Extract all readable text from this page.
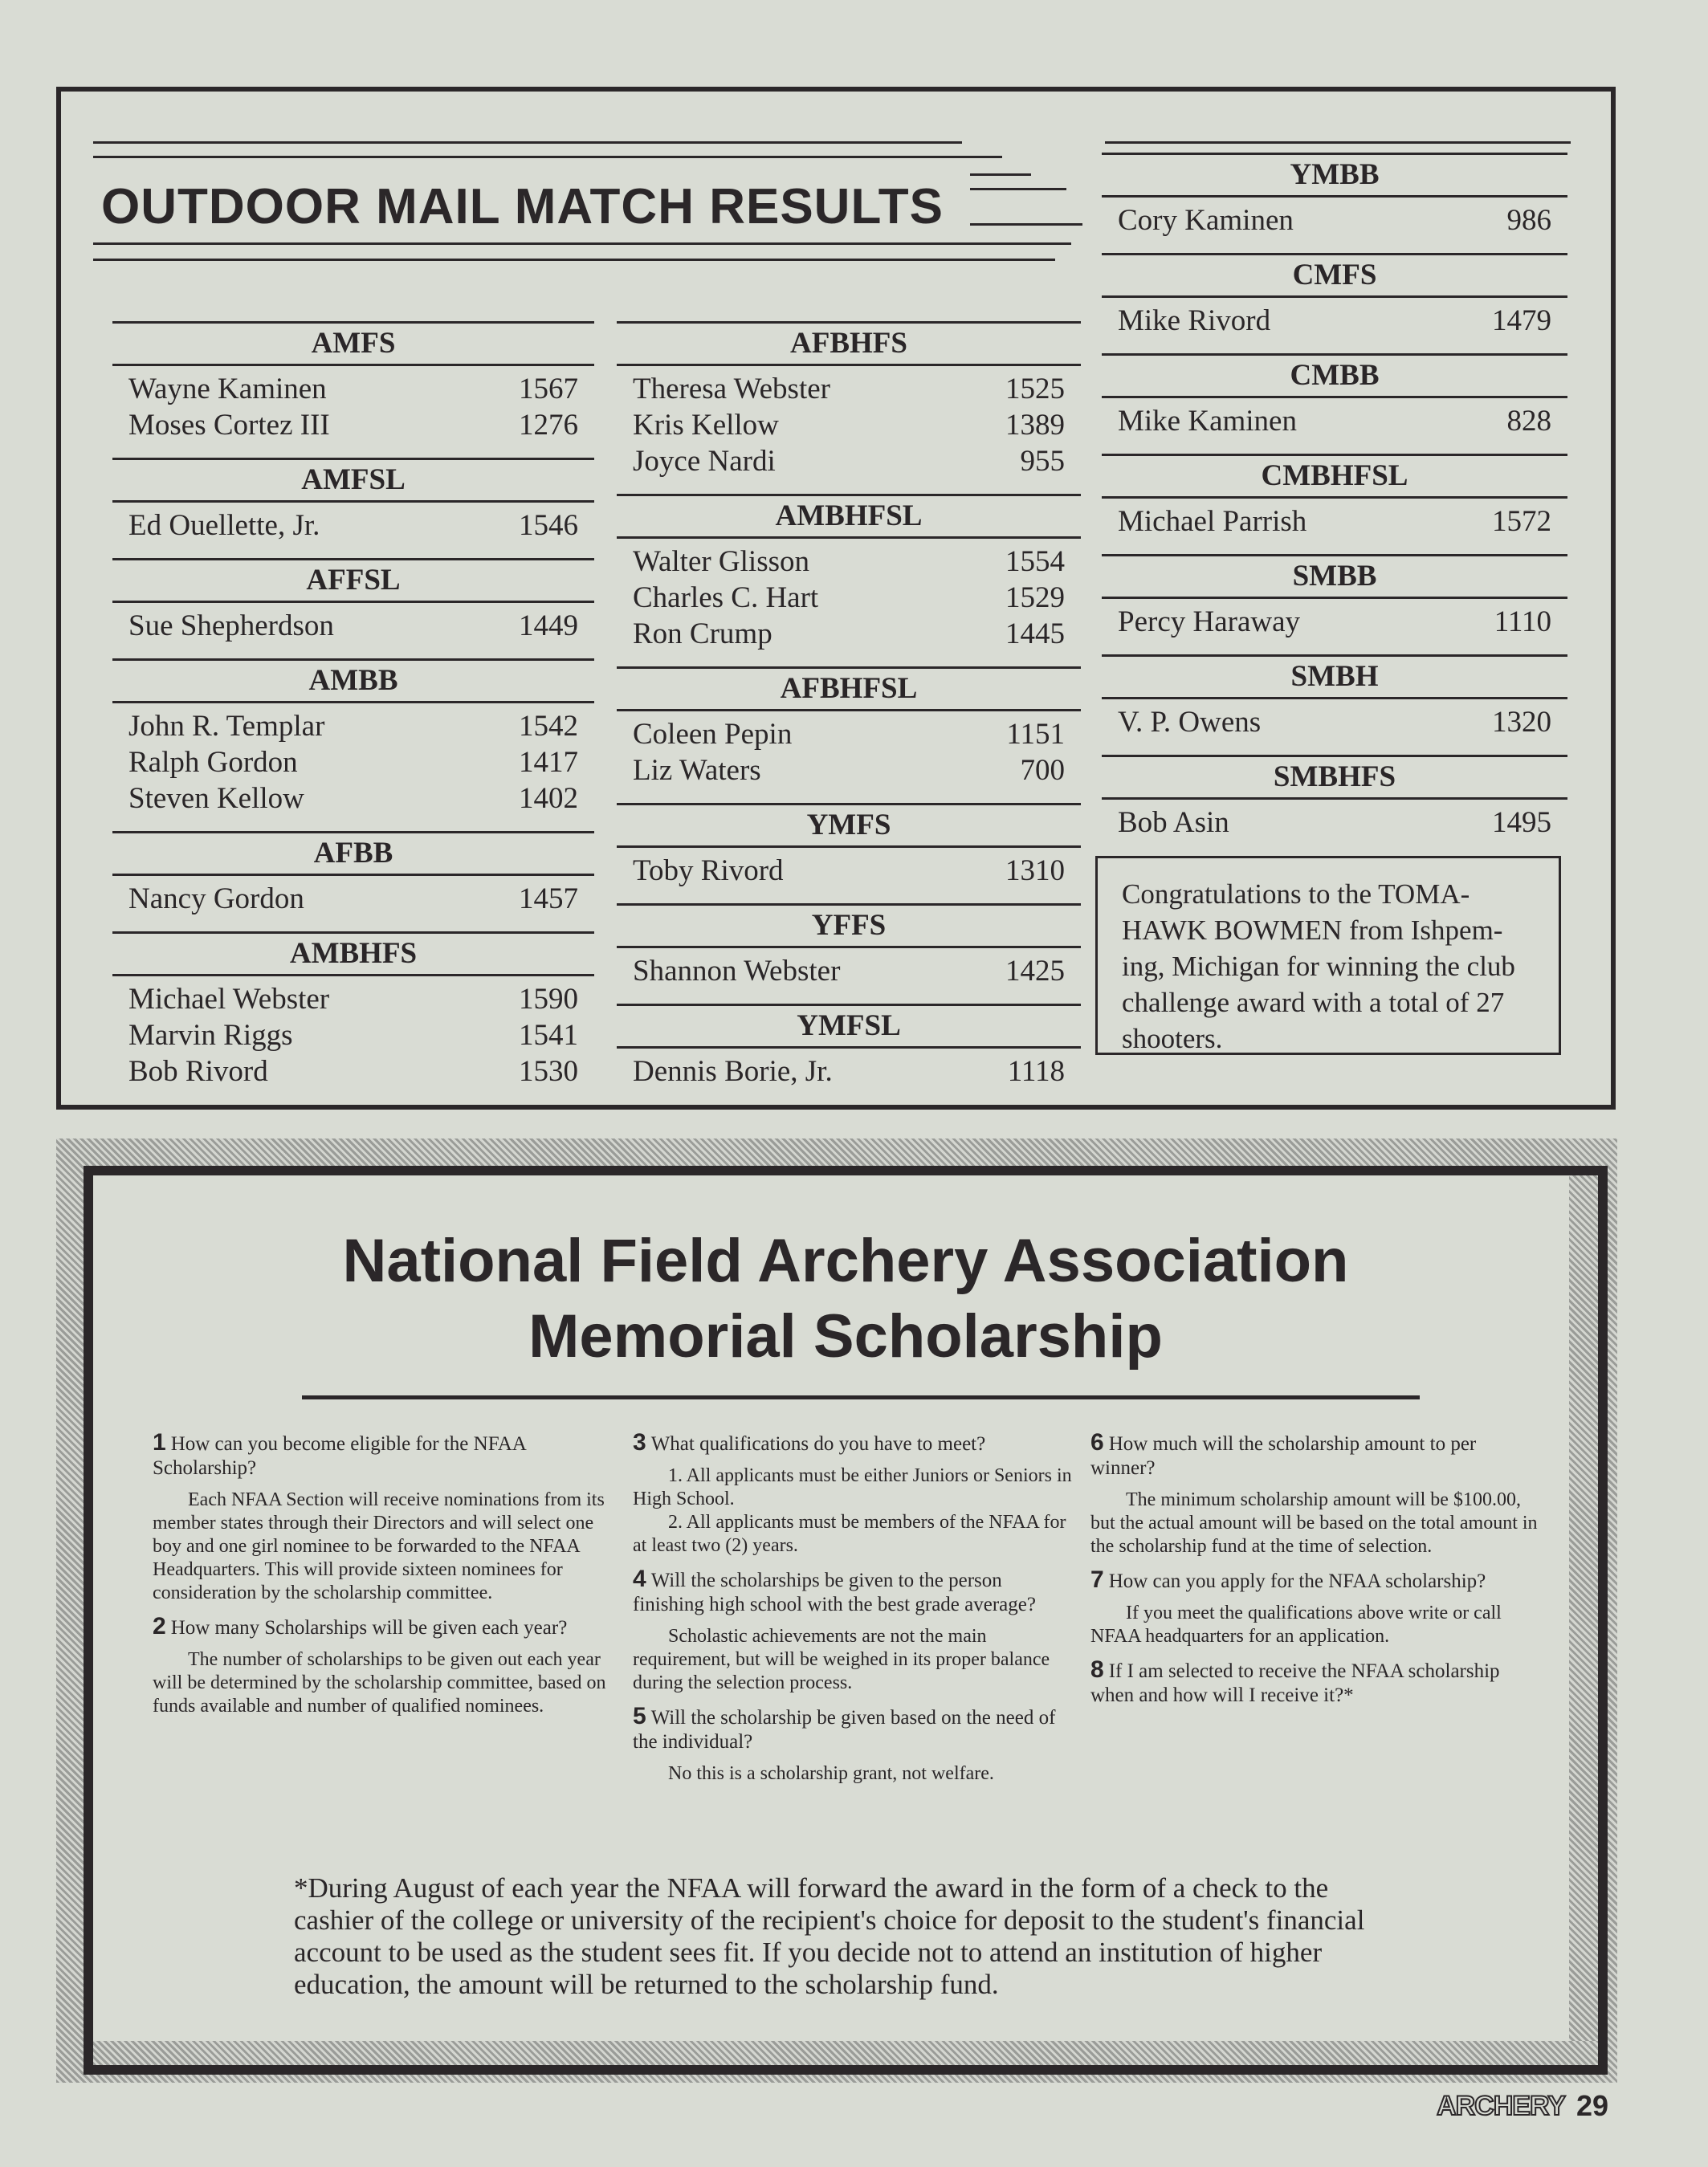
OUTDOOR MAIL MATCH RESULTS
AMFS
Wayne Kaminen	1567
Moses Cortez III	1276
AMFSL
Ed Ouellette, Jr.	1546
AFFSL
Sue Shepherdson	1449
AMBB
John R. Templar	1542
Ralph Gordon	1417
Steven Kellow	1402
AFBB
Nancy Gordon	1457
AMBHFS
Michael Webster	1590
Marvin Riggs	1541
Bob Rivord	1530
AFBHFS
Theresa Webster	1525
Kris Kellow	1389
Joyce Nardi	955
AMBHFSL
Walter Glisson	1554
Charles C. Hart	1529
Ron Crump	1445
AFBHFSL
Coleen Pepin	1151
Liz Waters	700
YMFS
Toby Rivord	1310
YFFS
Shannon Webster	1425
YMFSL
Dennis Borie, Jr.	1118
YMBB
Cory Kaminen	986
CMFS
Mike Rivord	1479
CMBB
Mike Kaminen	828
CMBHFSL
Michael Parrish	1572
SMBB
Percy Haraway	1110
SMBH
V. P. Owens	1320
SMBHFS
Bob Asin	1495

Congratulations to the TOMA-HAWK BOWMEN from Ishpem-ing, Michigan for winning the club challenge award with a total of 27 shooters.

National Field Archery Association
Memorial Scholarship

1 How can you become eligible for the NFAA Scholarship?

Each NFAA Section will receive nominations from its member states through their Directors and will select one boy and one girl nominee to be forwarded to the NFAA Headquarters. This will provide sixteen nominees for consideration by the scholarship committee.

2 How many Scholarships will be given each year?

The number of scholarships to be given out each year will be determined by the scholarship committee, based on funds available and number of qualified nominees.

3 What qualifications do you have to meet?

1. All applicants must be either Juniors or Seniors in High School.

2. All applicants must be members of the NFAA for at least two (2) years.

4 Will the scholarships be given to the person finishing high school with the best grade average?

Scholastic achievements are not the main requirement, but will be weighed in its proper balance during the selection process.

5 Will the scholarship be given based on the need of the individual?

No this is a scholarship grant, not welfare.

6 How much will the scholarship amount to per winner?

The minimum scholarship amount will be $100.00, but the actual amount will be based on the total amount in the scholarship fund at the time of selection.

7 How can you apply for the NFAA scholarship?

If you meet the qualifications above write or call NFAA headquarters for an application.

8 If I am selected to receive the NFAA scholarship when and how will I receive it?*

*During August of each year the NFAA will forward the award in the form of a check to the cashier of the college or university of the recipient's choice for deposit to the student's financial account to be used as the student sees fit. If you decide not to attend an institution of higher education, the amount will be returned to the scholarship fund.

ARCHERY 29
